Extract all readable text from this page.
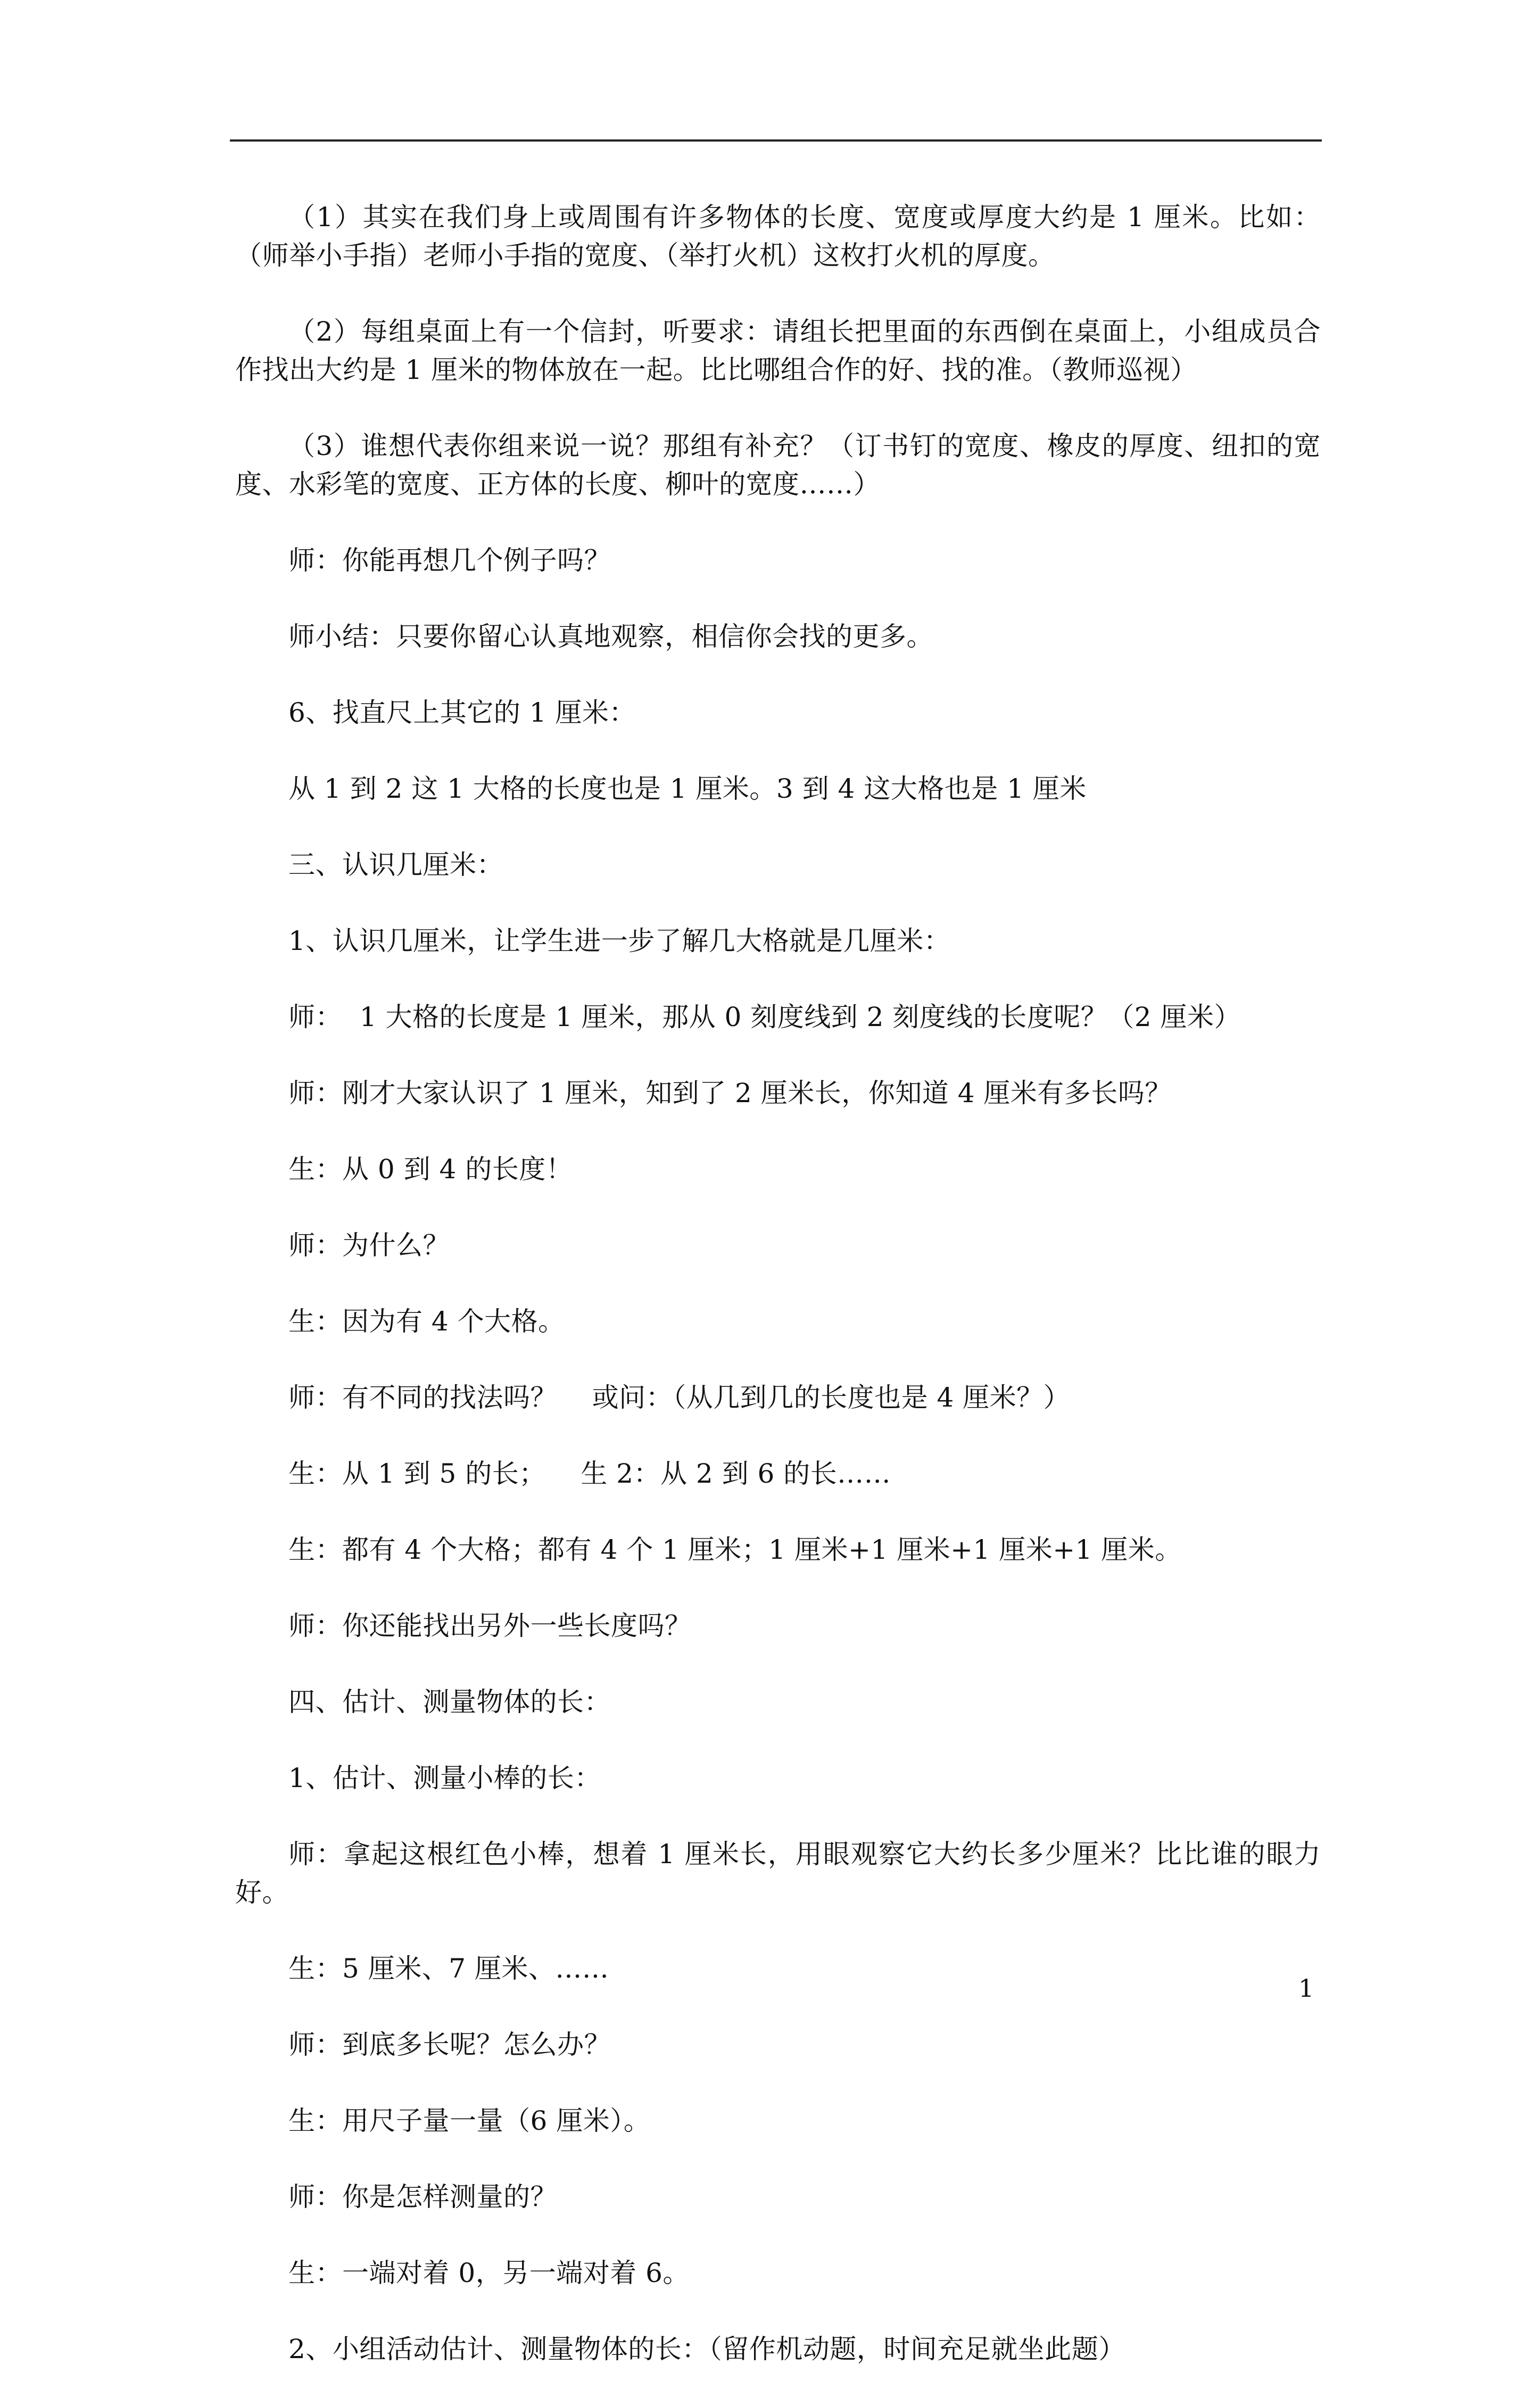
（1）其实在我们身上或周围有许多物体的长度、宽度或厚度大约是 1 厘米。比如：（师举小手指）老师小手指的宽度、（举打火机）这枚打火机的厚度。

（2）每组桌面上有一个信封，听要求：请组长把里面的东西倒在桌面上，小组成员合作找出大约是 1 厘米的物体放在一起。比比哪组合作的好、找的准。（教师巡视）

（3）谁想代表你组来说一说？那组有补充？（订书钉的宽度、橡皮的厚度、纽扣的宽度、水彩笔的宽度、正方体的长度、柳叶的宽度……）

师：你能再想几个例子吗？

师小结：只要你留心认真地观察，相信你会找的更多。

6、找直尺上其它的 1 厘米：

从 1 到 2 这 1 大格的长度也是 1 厘米。3 到 4 这大格也是 1 厘米

三、认识几厘米：

1、认识几厘米，让学生进一步了解几大格就是几厘米：

师：  1 大格的长度是 1 厘米，那从 0 刻度线到 2 刻度线的长度呢？（2 厘米）

师：刚才大家认识了 1 厘米，知到了 2 厘米长，你知道 4 厘米有多长吗？

生：从 0 到 4 的长度！

师：为什么？

生：因为有 4 个大格。

师：有不同的找法吗？    或问：（从几到几的长度也是 4 厘米？）

生：从 1 到 5 的长；    生 2：从 2 到 6 的长……

生：都有 4 个大格；都有 4 个 1 厘米；1 厘米+1 厘米+1 厘米+1 厘米。

师：你还能找出另外一些长度吗？

四、估计、测量物体的长：

1、估计、测量小棒的长：

师：拿起这根红色小棒，想着 1 厘米长，用眼观察它大约长多少厘米？比比谁的眼力好。

生：5 厘米、7 厘米、……

师：到底多长呢？怎么办？

生：用尺子量一量（6 厘米）。

师：你是怎样测量的？

生：一端对着 0，另一端对着 6。

2、小组活动估计、测量物体的长：（留作机动题，时间充足就坐此题）

1
